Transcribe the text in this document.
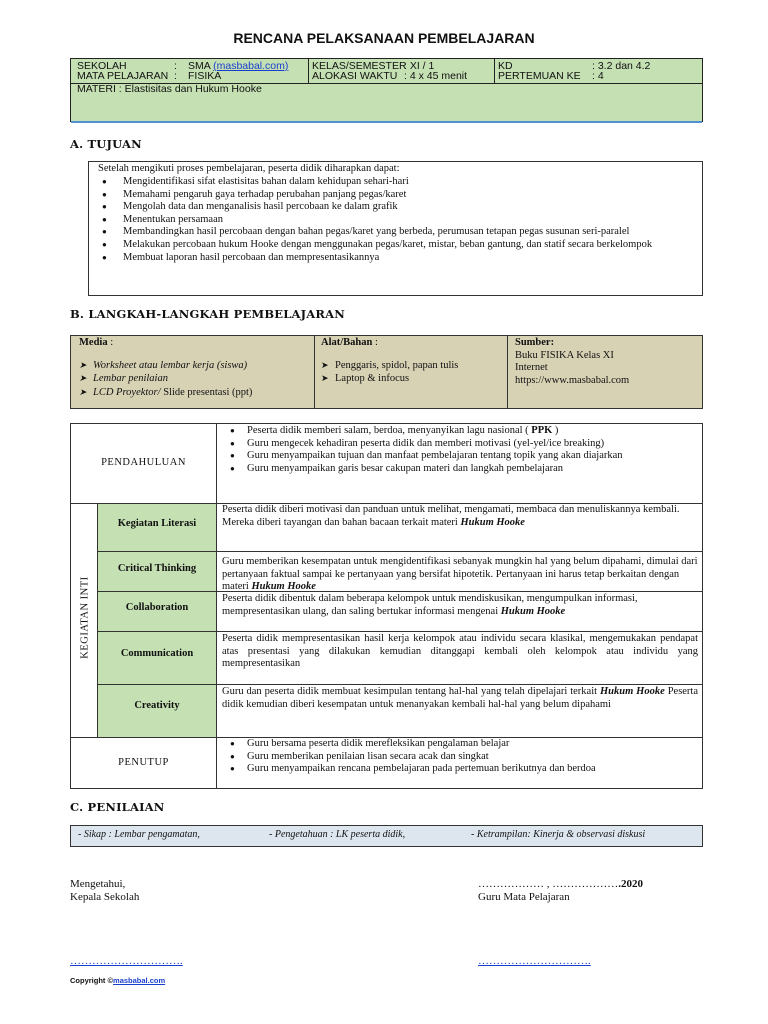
RENCANA PELAKSANAAN PEMBELAJARAN
SEKOLAH	: SMA (masbabal.com)
MATA PELAJARAN : FISIKA
KELAS/SEMESTER
: XI / 1
ALOKASI WAKTU : 4 x 45 menit
KD	: 3.2 dan 4.2
PERTEMUAN KE : 4
MATERI : Elastisitas dan Hukum Hooke
A. TUJUAN
Setelah mengikuti proses pembelajaran, peserta didik diharapkan dapat:
● Mengidentifikasi sifat elastisitas bahan dalam kehidupan sehari-hari
● Memahami pengaruh gaya terhadap perubahan panjang pegas/karet
● Mengolah data dan menganalisis hasil percobaan ke dalam grafik
● Menentukan persamaan
● Membandingkan hasil percobaan dengan bahan pegas/karet yang berbeda, perumusan tetapan pegas susunan seri-paralel
● Melakukan percobaan hukum Hooke dengan menggunakan pegas/karet, mistar, beban gantung, dan statif secara berkelompok
● Membuat laporan hasil percobaan dan mempresentasikannya
B. LANGKAH-LANGKAH PEMBELAJARAN
Media :
➤ Worksheet atau lembar kerja (siswa)
➤ Lembar penilaian
➤ LCD Proyektor/ Slide presentasi (ppt)
Alat/Bahan :
➤ Penggaris, spidol, papan tulis
➤ Laptop & infocus
Sumber:
Buku FISIKA Kelas XI
Internet
https://www.masbabal.com
PENDAHULUAN
● Peserta didik memberi salam, berdoa, menyanyikan lagu nasional ( PPK )
● Guru mengecek kehadiran peserta didik dan memberi motivasi (yel-yel/ice breaking)
● Guru menyampaikan tujuan dan manfaat pembelajaran tentang topik yang akan diajarkan
● Guru menyampaikan garis besar cakupan materi dan langkah pembelajaran
KEGIATAN INTI
Kegiatan Literasi
Peserta didik diberi motivasi dan panduan untuk melihat, mengamati, membaca dan menuliskannya kembali. Mereka diberi tayangan dan bahan bacaan terkait materi Hukum Hooke
Critical Thinking
Guru memberikan kesempatan untuk mengidentifikasi sebanyak mungkin hal yang belum dipahami, dimulai dari pertanyaan faktual sampai ke pertanyaan yang bersifat hipotetik. Pertanyaan ini harus tetap berkaitan dengan materi Hukum Hooke
Collaboration
Peserta didik dibentuk dalam beberapa kelompok untuk mendiskusikan, mengumpulkan informasi, mempresentasikan ulang, dan saling bertukar informasi mengenai Hukum Hooke
Communication
Peserta didik mempresentasikan hasil kerja kelompok atau individu secara klasikal, mengemukakan pendapat atas presentasi yang dilakukan kemudian ditanggapi kembali oleh kelompok atau individu yang mempresentasikan
Creativity
Guru dan peserta didik membuat kesimpulan tentang hal-hal yang telah dipelajari terkait Hukum Hooke Peserta didik kemudian diberi kesempatan untuk menanyakan kembali hal-hal yang belum dipahami
PENUTUP
● Guru bersama peserta didik merefleksikan pengalaman belajar
● Guru memberikan penilaian lisan secara acak dan singkat
● Guru menyampaikan rencana pembelajaran pada pertemuan berikutnya dan berdoa
C. PENILAIAN
- Sikap : Lembar pengamatan,	- Pengetahuan : LK peserta didik,	- Ketrampilan: Kinerja & observasi diskusi
Mengetahui,
Kepala Sekolah
……………… , ……………….2020
Guru Mata Pelajaran
………………………….	………………………….
Copyright ©masbabal.com
